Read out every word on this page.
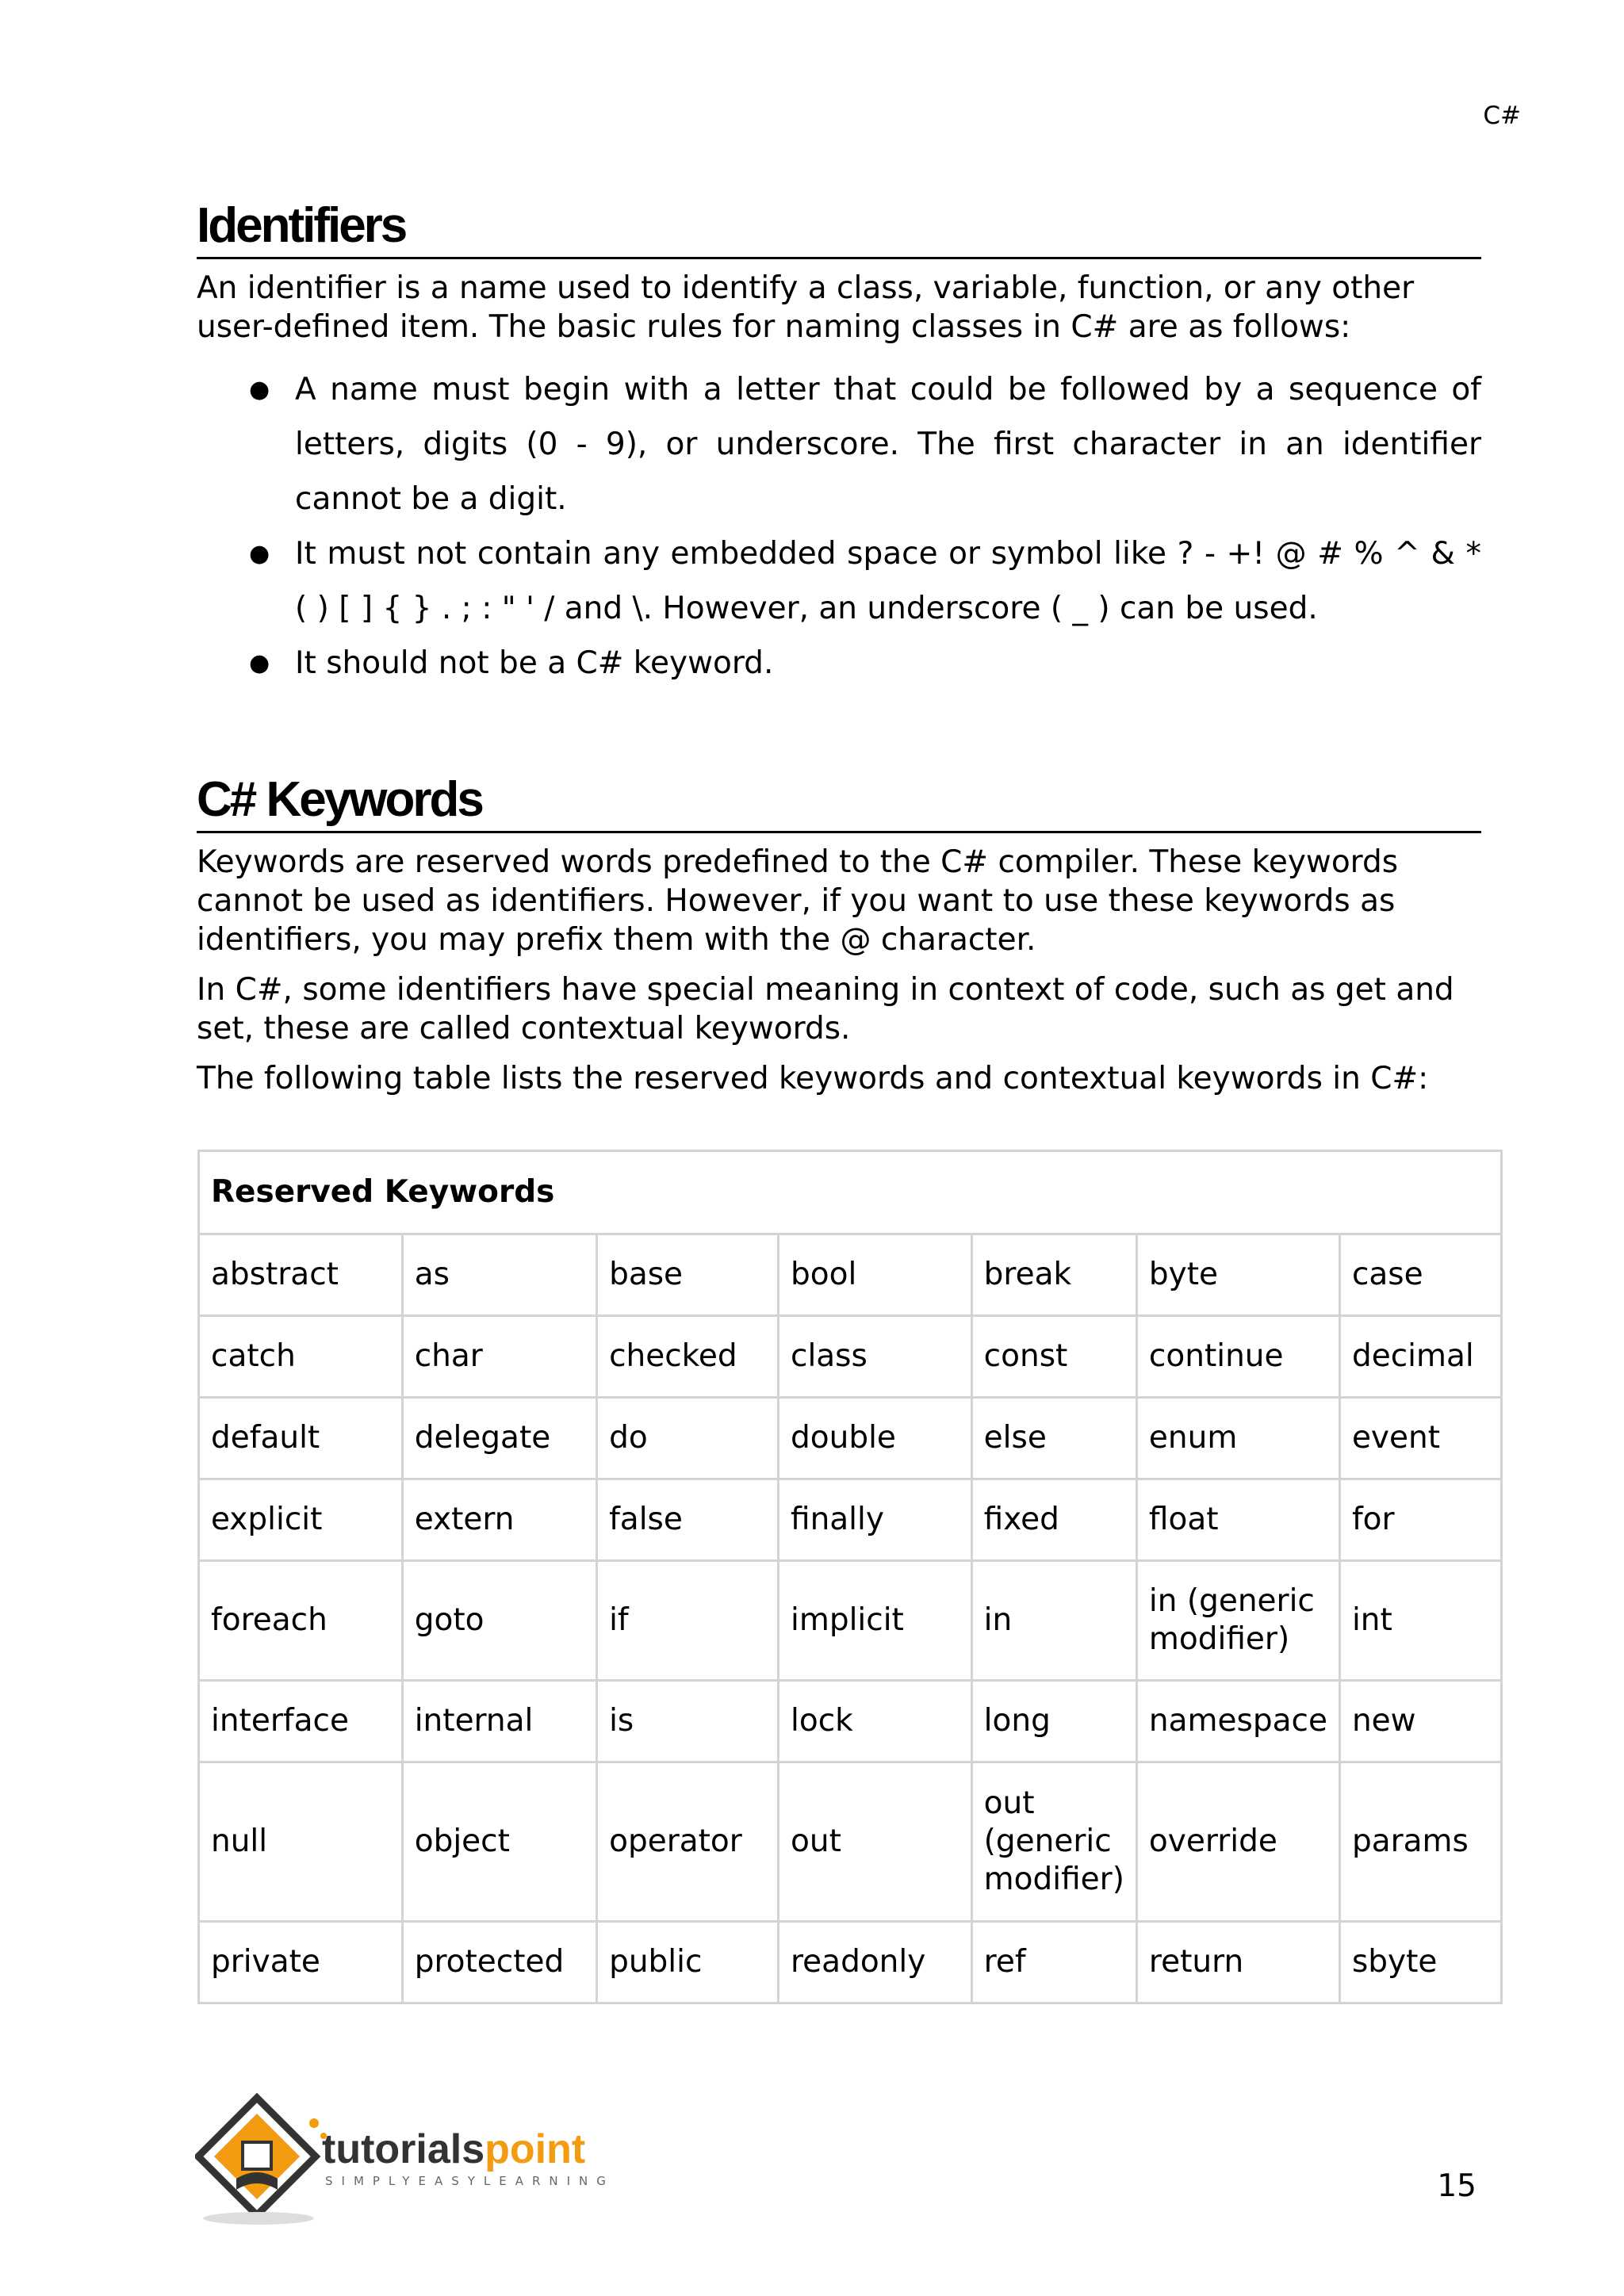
C#
Identifiers

An identifier is a name used to identify a class, variable, function, or any other user-defined item. The basic rules for naming classes in C# are as follows:

● A name must begin with a letter that could be followed by a sequence of letters, digits (0 - 9), or underscore. The first character in an identifier cannot be a digit.
● It must not contain any embedded space or symbol like ? - +! @ # % ^ & * ( ) [ ] { } . ; : " ' / and \. However, an underscore ( _ ) can be used.
● It should not be a C# keyword.
C# Keywords

Keywords are reserved words predefined to the C# compiler. These keywords cannot be used as identifiers. However, if you want to use these keywords as identifiers, you may prefix them with the @ character.

In C#, some identifiers have special meaning in context of code, such as get and set, these are called contextual keywords.

The following table lists the reserved keywords and contextual keywords in C#:

Reserved Keywords						
abstract	as	base	bool	break	byte	case
catch	char	checked	class	const	continue	decimal
default	delegate	do	double	else	enum	event
explicit	extern	false	finally	fixed	float	for
foreach	goto	if	implicit	in	in (generic modifier)	int
interface	internal	is	lock	long	namespace	new
null	object	operator	out	out (generic modifier)	override	params
private	protected	public	readonly	ref	return	sbyte
tutorialspoint
SIMPLYEASYLEARNING	15
